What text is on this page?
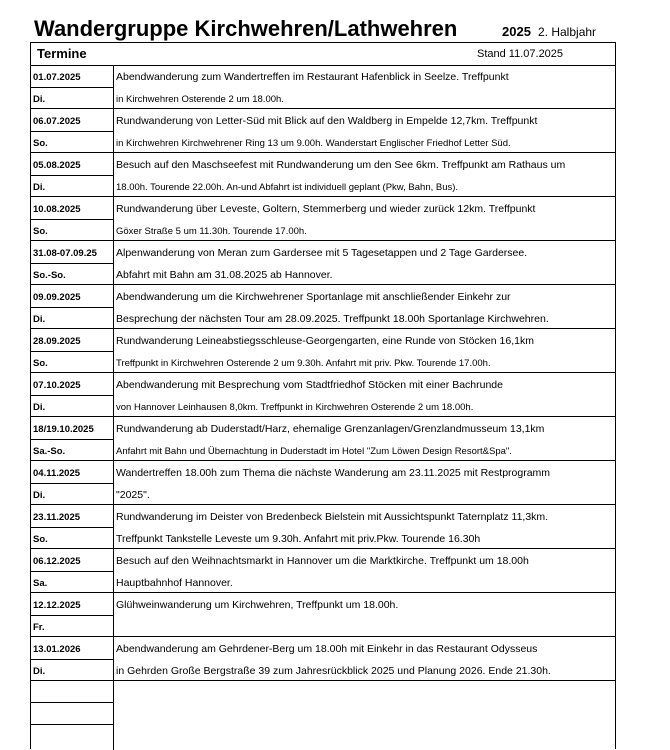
Wandergruppe Kirchwehren/Lathwehren	2025 2. Halbjahr
Termine	Stand 11.07.2025
01.07.2025
Di.
Abendwanderung zum Wandertreffen im Restaurant Hafenblick in Seelze. Treffpunkt
in Kirchwehren Osterende 2 um 18.00h.
06.07.2025
So.
Rundwanderung von Letter-Süd mit Blick auf den Waldberg in Empelde 12,7km. Treffpunkt
in Kirchwehren Kirchwehrener Ring 13 um 9.00h. Wanderstart Englischer Friedhof Letter Süd.
05.08.2025
Di.
Besuch auf den Maschseefest mit Rundwanderung um den See 6km. Treffpunkt am Rathaus um
18.00h. Tourende 22.00h. An-und Abfahrt ist individuell geplant (Pkw, Bahn, Bus).
10.08.2025
So.
Rundwanderung über Leveste, Goltern, Stemmerberg und wieder zurück 12km. Treffpunkt
Göxer Straße 5 um 11.30h. Tourende 17.00h.
31.08-07.09.25
So.-So.
Alpenwanderung von Meran zum Gardersee mit 5 Tagesetappen und 2 Tage Gardersee.
Abfahrt mit Bahn am 31.08.2025 ab Hannover.
09.09.2025
Di.
Abendwanderung um die Kirchwehrener Sportanlage mit anschließender Einkehr zur
Besprechung der nächsten Tour am 28.09.2025. Treffpunkt 18.00h Sportanlage Kirchwehren.
28.09.2025
So.
Rundwanderung Leineabstiegsschleuse-Georgengarten, eine Runde von Stöcken 16,1km
Treffpunkt in Kirchwehren Osterende 2 um 9.30h. Anfahrt mit priv. Pkw. Tourende 17.00h.
07.10.2025
Di.
Abendwanderung mit Besprechung vom Stadtfriedhof Stöcken mit einer Bachrunde
von Hannover Leinhausen 8,0km. Treffpunkt in Kirchwehren Osterende 2 um 18.00h.
18/19.10.2025
Sa.-So.
Rundwanderung ab Duderstadt/Harz, ehemalige Grenzanlagen/Grenzlandmusseum 13,1km
Anfahrt mit Bahn und Übernachtung in Duderstadt im Hotel "Zum Löwen Design Resort&Spa".
04.11.2025
Di.
Wandertreffen 18.00h zum Thema die nächste Wanderung am 23.11.2025 mit Restprogramm
"2025".
23.11.2025
So.
Rundwanderung im Deister von Bredenbeck Bielstein mit Aussichtspunkt Taternplatz 11,3km.
Treffpunkt Tankstelle Leveste um 9.30h. Anfahrt mit priv.Pkw. Tourende 16.30h
06.12.2025
Sa.
Besuch auf den Weihnachtsmarkt in Hannover um die Marktkirche. Treffpunkt um 18.00h
Hauptbahnhof Hannover.
12.12.2025
Fr.
Glühweinwanderung um Kirchwehren, Treffpunkt um 18.00h.
13.01.2026
Di.
Abendwanderung am Gehrdener-Berg um 18.00h mit Einkehr in das Restaurant Odysseus
in Gehrden Große Bergstraße 39 zum Jahresrückblick 2025 und Planung 2026. Ende 21.30h.
